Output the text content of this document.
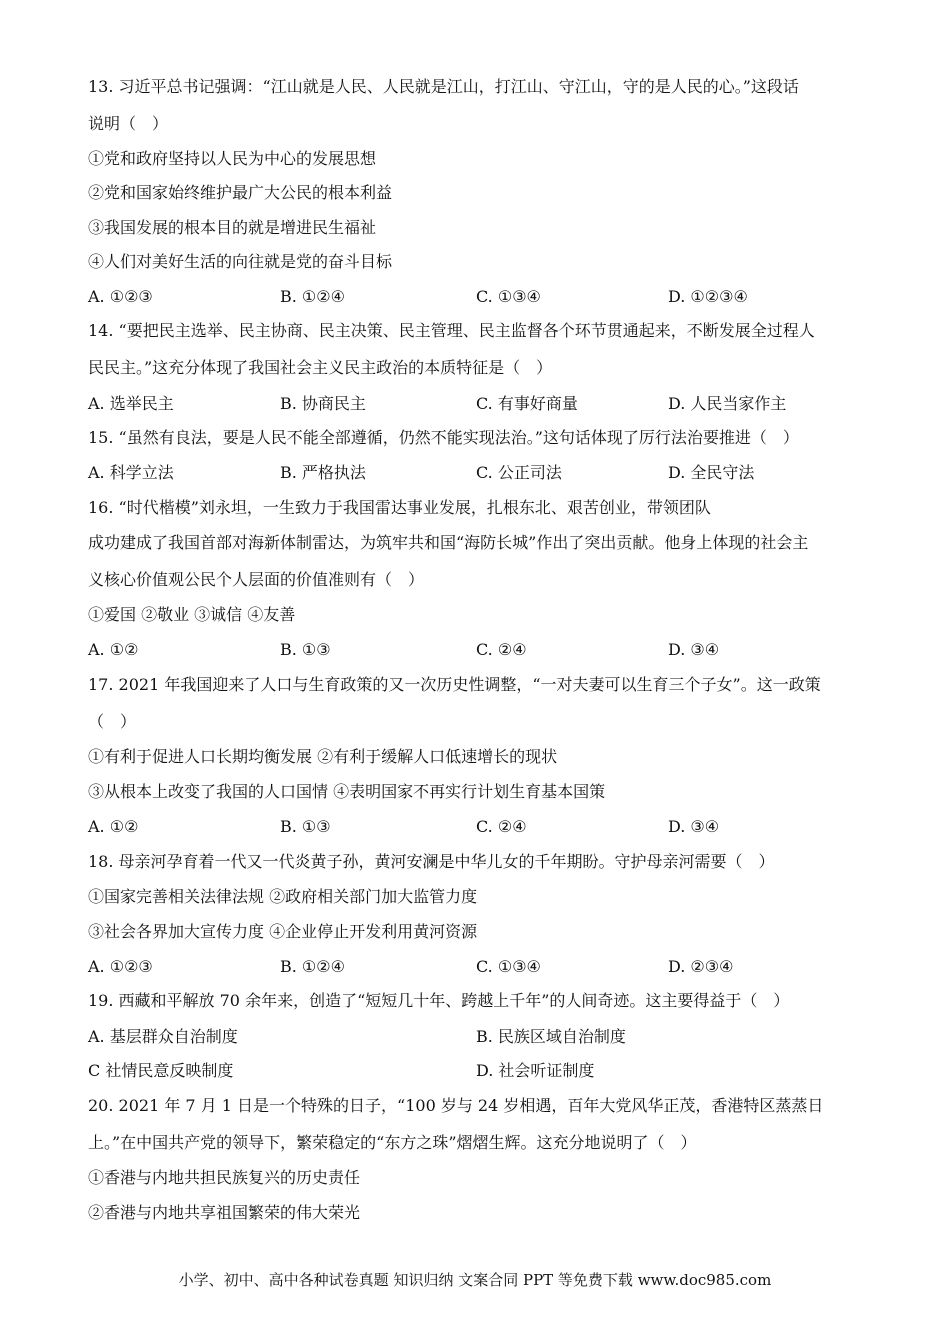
13. 习近平总书记强调：“江山就是人民、人民就是江山，打江山、守江山，守的是人民的心。”这段话
说明（　）
①党和政府坚持以人民为中心的发展思想
②党和国家始终维护最广大公民的根本利益
③我国发展的根本目的就是增进民生福祉
④人们对美好生活的向往就是党的奋斗目标
A. ①②③	B. ①②④	C. ①③④	D. ①②③④
14. “要把民主选举、民主协商、民主决策、民主管理、民主监督各个环节贯通起来，不断发展全过程人
民民主。”这充分体现了我国社会主义民主政治的本质特征是（　）
A. 选举民主	B. 协商民主	C. 有事好商量	D. 人民当家作主
15. “虽然有良法，要是人民不能全部遵循，仍然不能实现法治。”这句话体现了厉行法治要推进（　）
A. 科学立法	B. 严格执法	C. 公正司法	D. 全民守法
16. “时代楷模”刘永坦，一生致力于我国雷达事业发展，扎根东北、艰苦创业，带领团队
成功建成了我国首部对海新体制雷达，为筑牢共和国“海防长城”作出了突出贡献。他身上体现的社会主
义核心价值观公民个人层面的价值准则有（　）
①爱国 ②敬业 ③诚信 ④友善
A. ①②	B. ①③	C. ②④	D. ③④
17. 2021 年我国迎来了人口与生育政策的又一次历史性调整，“一对夫妻可以生育三个子女”。这一政策
（　）
①有利于促进人口长期均衡发展 ②有利于缓解人口低速增长的现状
③从根本上改变了我国的人口国情 ④表明国家不再实行计划生育基本国策
A. ①②	B. ①③	C. ②④	D. ③④
18. 母亲河孕育着一代又一代炎黄子孙，黄河安澜是中华儿女的千年期盼。守护母亲河需要（　）
①国家完善相关法律法规 ②政府相关部门加大监管力度
③社会各界加大宣传力度 ④企业停止开发利用黄河资源
A. ①②③	B. ①②④	C. ①③④	D. ②③④
19. 西藏和平解放 70 余年来，创造了“短短几十年、跨越上千年”的人间奇迹。这主要得益于（　）
A. 基层群众自治制度	B. 民族区域自治制度
C 社情民意反映制度	D. 社会听证制度
20. 2021 年 7 月 1 日是一个特殊的日子，“100 岁与 24 岁相遇，百年大党风华正茂，香港特区蒸蒸日
上。”在中国共产党的领导下，繁荣稳定的“东方之珠”熠熠生辉。这充分地说明了（　）
①香港与内地共担民族复兴的历史责任
②香港与内地共享祖国繁荣的伟大荣光
小学、初中、高中各种试卷真题 知识归纳 文案合同 PPT 等免费下载 www.doc985.com
